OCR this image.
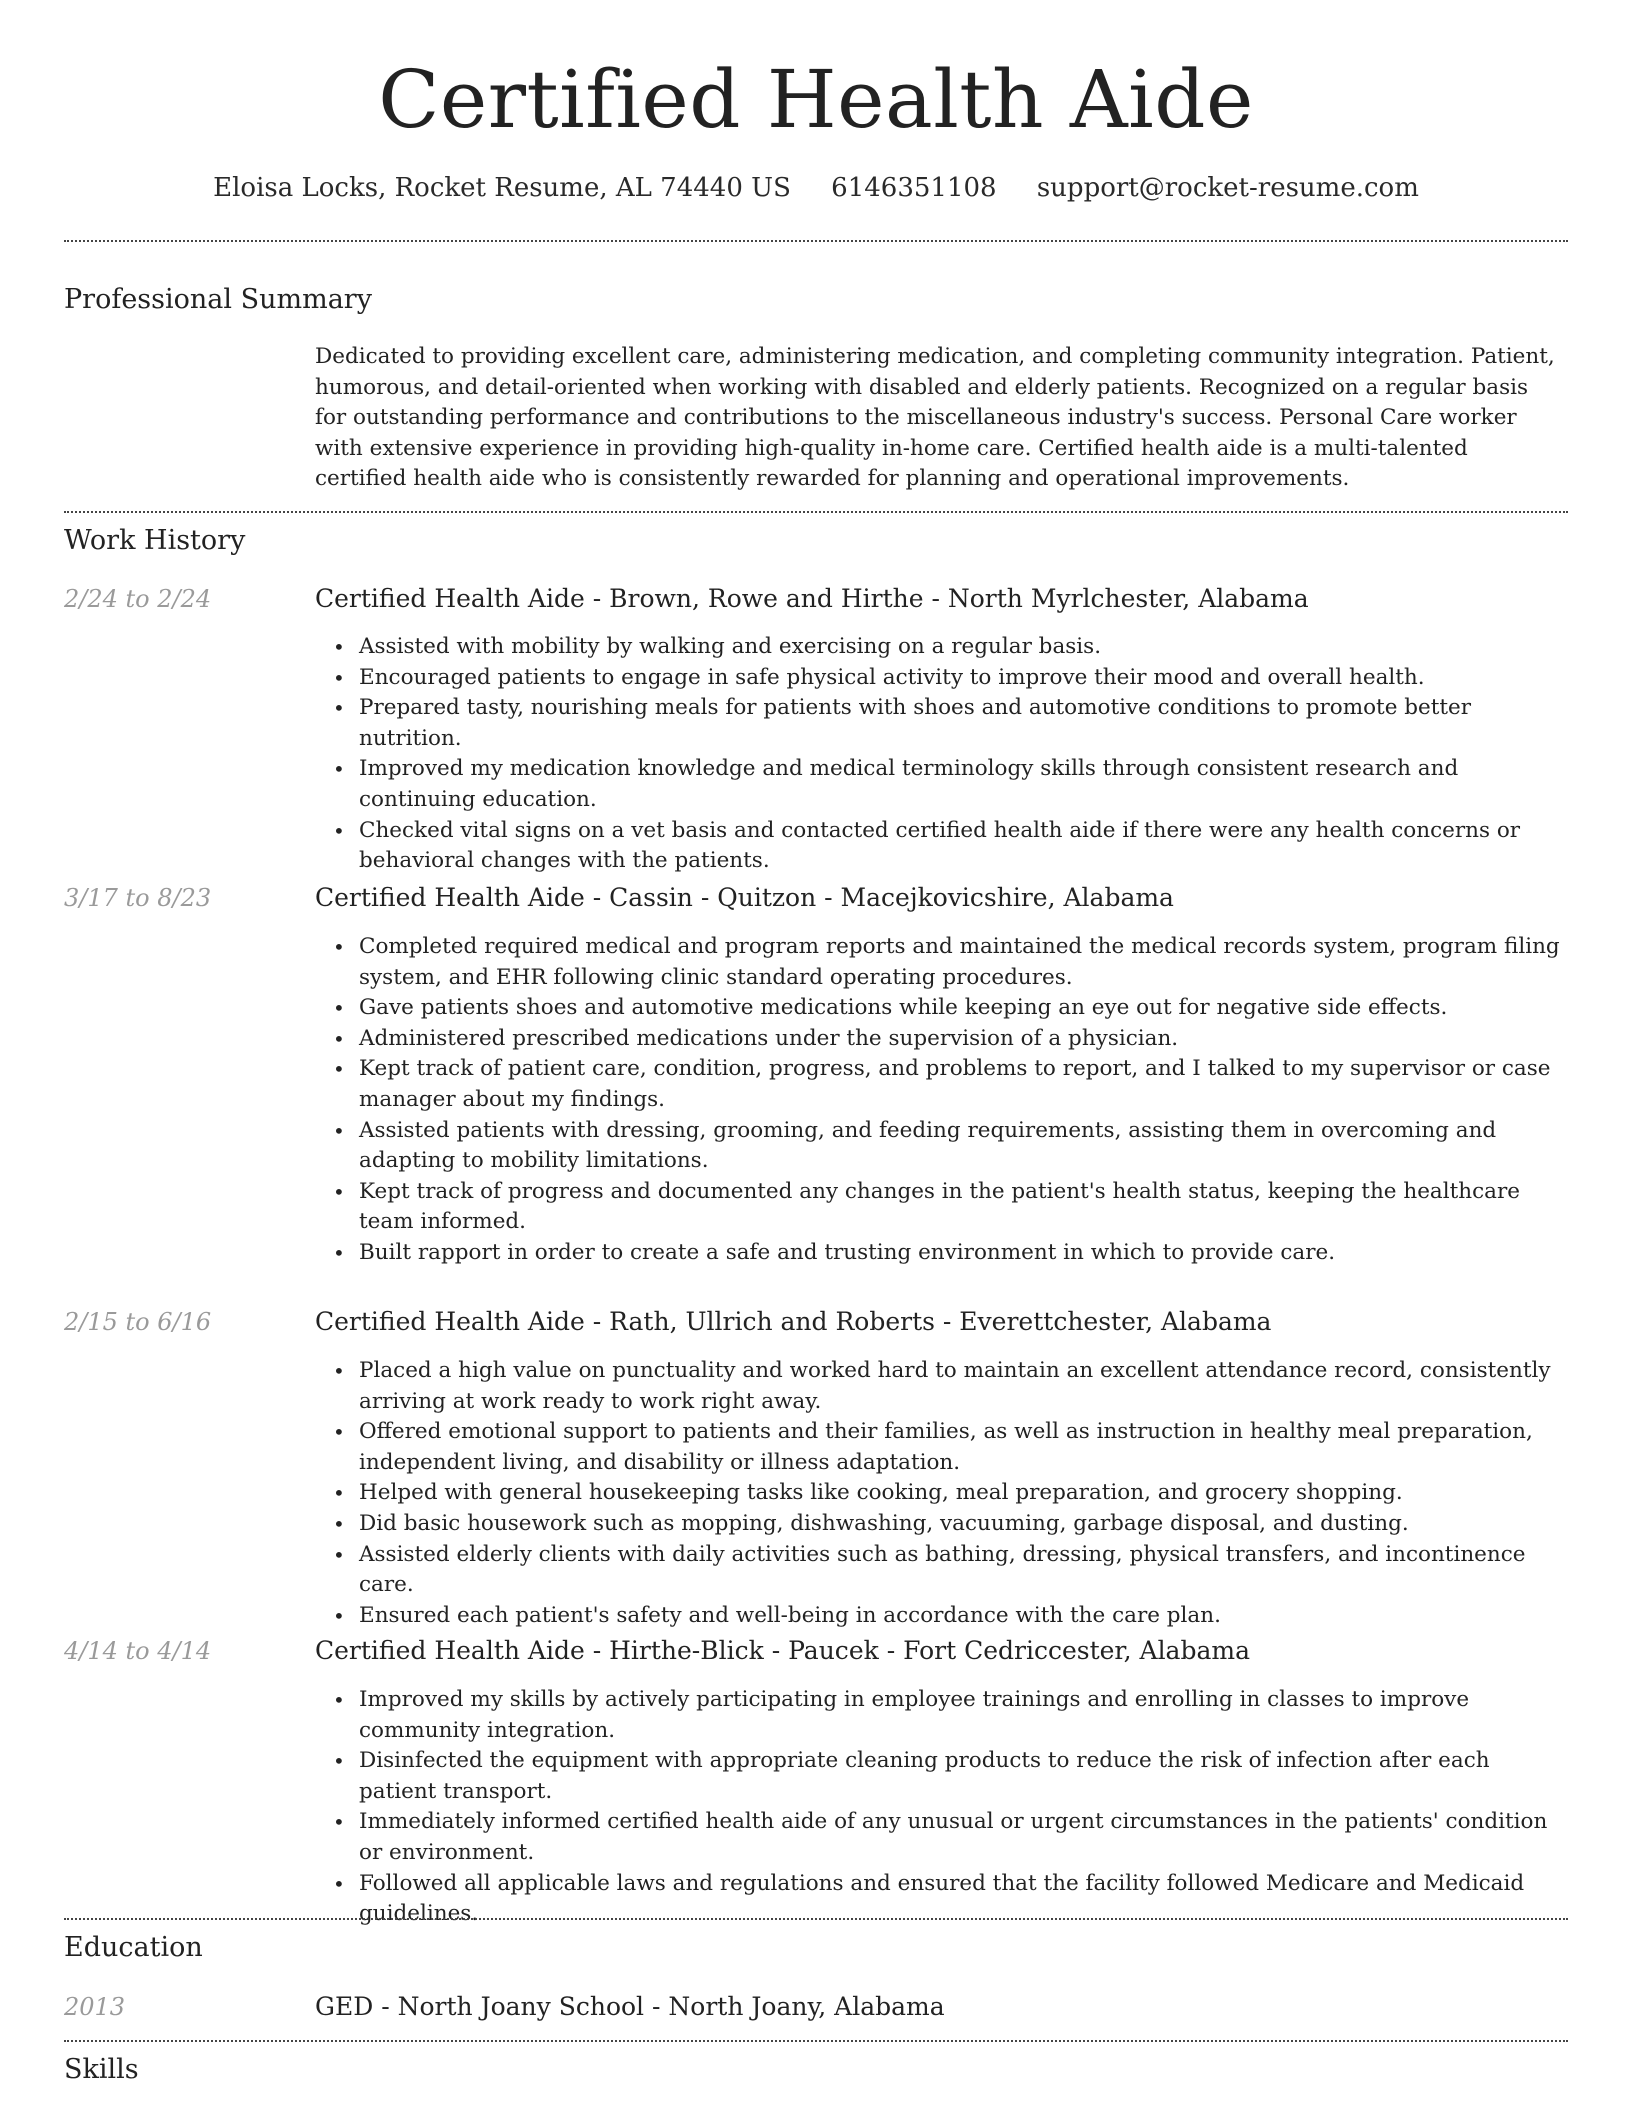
Certified Health Aide
Eloisa Locks, Rocket Resume, AL 74440 US 6146351108 support@rocket-resume.com
Professional Summary

Dedicated to providing excellent care, administering medication, and completing community integration. Patient, humorous, and detail-oriented when working with disabled and elderly patients. Recognized on a regular basis for outstanding performance and contributions to the miscellaneous industry's success. Personal Care worker with extensive experience in providing high-quality in-home care. Certified health aide is a multi-talented certified health aide who is consistently rewarded for planning and operational improvements.

Work History
2/24 to 2/24	Certified Health Aide - Brown, Rowe and Hirthe - North Myrlchester, Alabama
• Assisted with mobility by walking and exercising on a regular basis.
• Encouraged patients to engage in safe physical activity to improve their mood and overall health.
• Prepared tasty, nourishing meals for patients with shoes and automotive conditions to promote better nutrition.
• Improved my medication knowledge and medical terminology skills through consistent research and continuing education.
• Checked vital signs on a vet basis and contacted certified health aide if there were any health concerns or behavioral changes with the patients.
3/17 to 8/23	Certified Health Aide - Cassin - Quitzon - Macejkovicshire, Alabama
• Completed required medical and program reports and maintained the medical records system, program filing system, and EHR following clinic standard operating procedures.
• Gave patients shoes and automotive medications while keeping an eye out for negative side effects.
• Administered prescribed medications under the supervision of a physician.
• Kept track of patient care, condition, progress, and problems to report, and I talked to my supervisor or case manager about my findings.
• Assisted patients with dressing, grooming, and feeding requirements, assisting them in overcoming and adapting to mobility limitations.
• Kept track of progress and documented any changes in the patient's health status, keeping the healthcare team informed.
• Built rapport in order to create a safe and trusting environment in which to provide care.
2/15 to 6/16	Certified Health Aide - Rath, Ullrich and Roberts - Everettchester, Alabama
• Placed a high value on punctuality and worked hard to maintain an excellent attendance record, consistently arriving at work ready to work right away.
• Offered emotional support to patients and their families, as well as instruction in healthy meal preparation, independent living, and disability or illness adaptation.
• Helped with general housekeeping tasks like cooking, meal preparation, and grocery shopping.
• Did basic housework such as mopping, dishwashing, vacuuming, garbage disposal, and dusting.
• Assisted elderly clients with daily activities such as bathing, dressing, physical transfers, and incontinence care.
• Ensured each patient's safety and well-being in accordance with the care plan.
4/14 to 4/14	Certified Health Aide - Hirthe-Blick - Paucek - Fort Cedriccester, Alabama
• Improved my skills by actively participating in employee trainings and enrolling in classes to improve community integration.
• Disinfected the equipment with appropriate cleaning products to reduce the risk of infection after each patient transport.
• Immediately informed certified health aide of any unusual or urgent circumstances in the patients' condition or environment.
• Followed all applicable laws and regulations and ensured that the facility followed Medicare and Medicaid guidelines.
Education
2013	GED - North Joany School - North Joany, Alabama
Skills
